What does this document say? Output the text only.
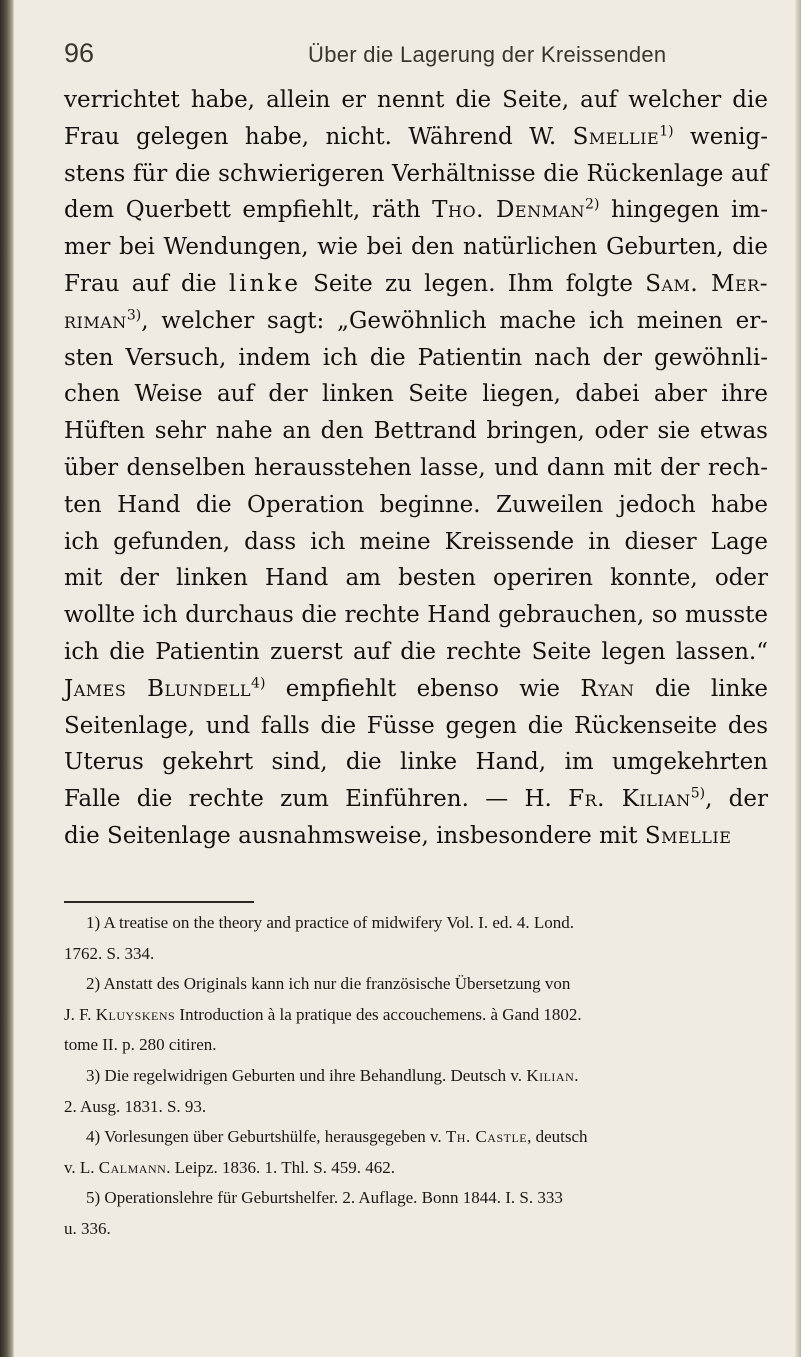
96	Über die Lagerung der Kreissenden
verrichtet habe, allein er nennt die Seite, auf welcher die
Frau gelegen habe, nicht. Während W. Smellie$^{1)}$ wenig-
stens für die schwierigeren Verhältnisse die Rückenlage auf
dem Querbett empfiehlt, räth Tho. Denman$^{2)}$ hingegen im-
mer bei Wendungen, wie bei den natürlichen Geburten, die
Frau auf die linke Seite zu legen. Ihm folgte Sam. Mer-
riman$^{3)}$, welcher sagt: „Gewöhnlich mache ich meinen er-
sten Versuch, indem ich die Patientin nach der gewöhnli-
chen Weise auf der linken Seite liegen, dabei aber ihre
Hüften sehr nahe an den Bettrand bringen, oder sie etwas
über denselben herausstehen lasse, und dann mit der rech-
ten Hand die Operation beginne. Zuweilen jedoch habe
ich gefunden, dass ich meine Kreissende in dieser Lage
mit der linken Hand am besten operiren konnte, oder
wollte ich durchaus die rechte Hand gebrauchen, so musste
ich die Patientin zuerst auf die rechte Seite legen lassen.“
James Blundell$^{4)}$ empfiehlt ebenso wie Ryan die linke
Seitenlage, und falls die Füsse gegen die Rückenseite des
Uterus gekehrt sind, die linke Hand, im umgekehrten
Falle die rechte zum Einführen. — H. Fr. Kilian$^{5)}$, der
die Seitenlage ausnahmsweise, insbesondere mit Smellie
1) A treatise on the theory and practice of midwifery Vol. I. ed. 4. Lond.
1762. S. 334.
2) Anstatt des Originals kann ich nur die französische Übersetzung von
J. F. Kluyskens Introduction à la pratique des accouchemens. à Gand 1802.
tome II. p. 280 citiren.
3) Die regelwidrigen Geburten und ihre Behandlung. Deutsch v. Kilian.
2. Ausg. 1831. S. 93.
4) Vorlesungen über Geburtshülfe, herausgegeben v. Th. Castle, deutsch
v. L. Calmann. Leipz. 1836. 1. Thl. S. 459. 462.
5) Operationslehre für Geburtshelfer. 2. Auflage. Bonn 1844. I. S. 333
u. 336.
